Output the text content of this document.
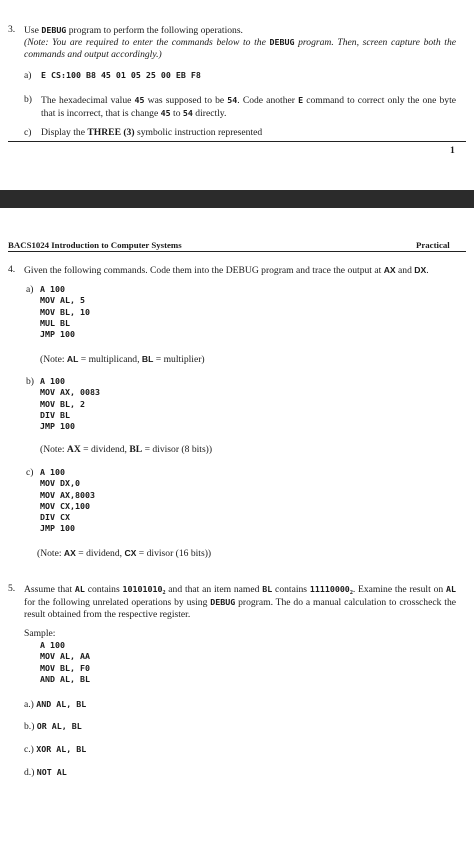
3. Use DEBUG program to perform the following operations.
(Note: You are required to enter the commands below to the DEBUG program. Then, screen capture both the commands and output accordingly.)
a) E CS:100 B8 45 01 05 25 00 EB F8
b) The hexadecimal value 45 was supposed to be 54. Code another E command to correct only the one byte that is incorrect, that is change 45 to 54 directly.
c) Display the THREE (3) symbolic instruction represented
1
BACS1024 Introduction to Computer Systems	Practical
4. Given the following commands. Code them into the DEBUG program and trace the output at AX and DX.
a) A 100
MOV AL, 5
MOV BL, 10
MUL BL
JMP 100
(Note: AL = multiplicand, BL = multiplier)
b) A 100
MOV AX, 0083
MOV BL, 2
DIV BL
JMP 100
(Note: AX = dividend, BL = divisor (8 bits))
c) A 100
MOV DX,0
MOV AX,8003
MOV CX,100
DIV CX
JMP 100
(Note: AX = dividend, CX = divisor (16 bits))
5. Assume that AL contains $10101010_2$ and that an item named BL contains $11110000_2$. Examine the result on AL for the following unrelated operations by using DEBUG program. The do a manual calculation to crosscheck the result obtained from the respective register.
Sample:
A 100
MOV AL, AA
MOV BL, F0
AND AL, BL
a.) AND AL, BL
b.) OR AL, BL
c.) XOR AL, BL
d.) NOT AL
